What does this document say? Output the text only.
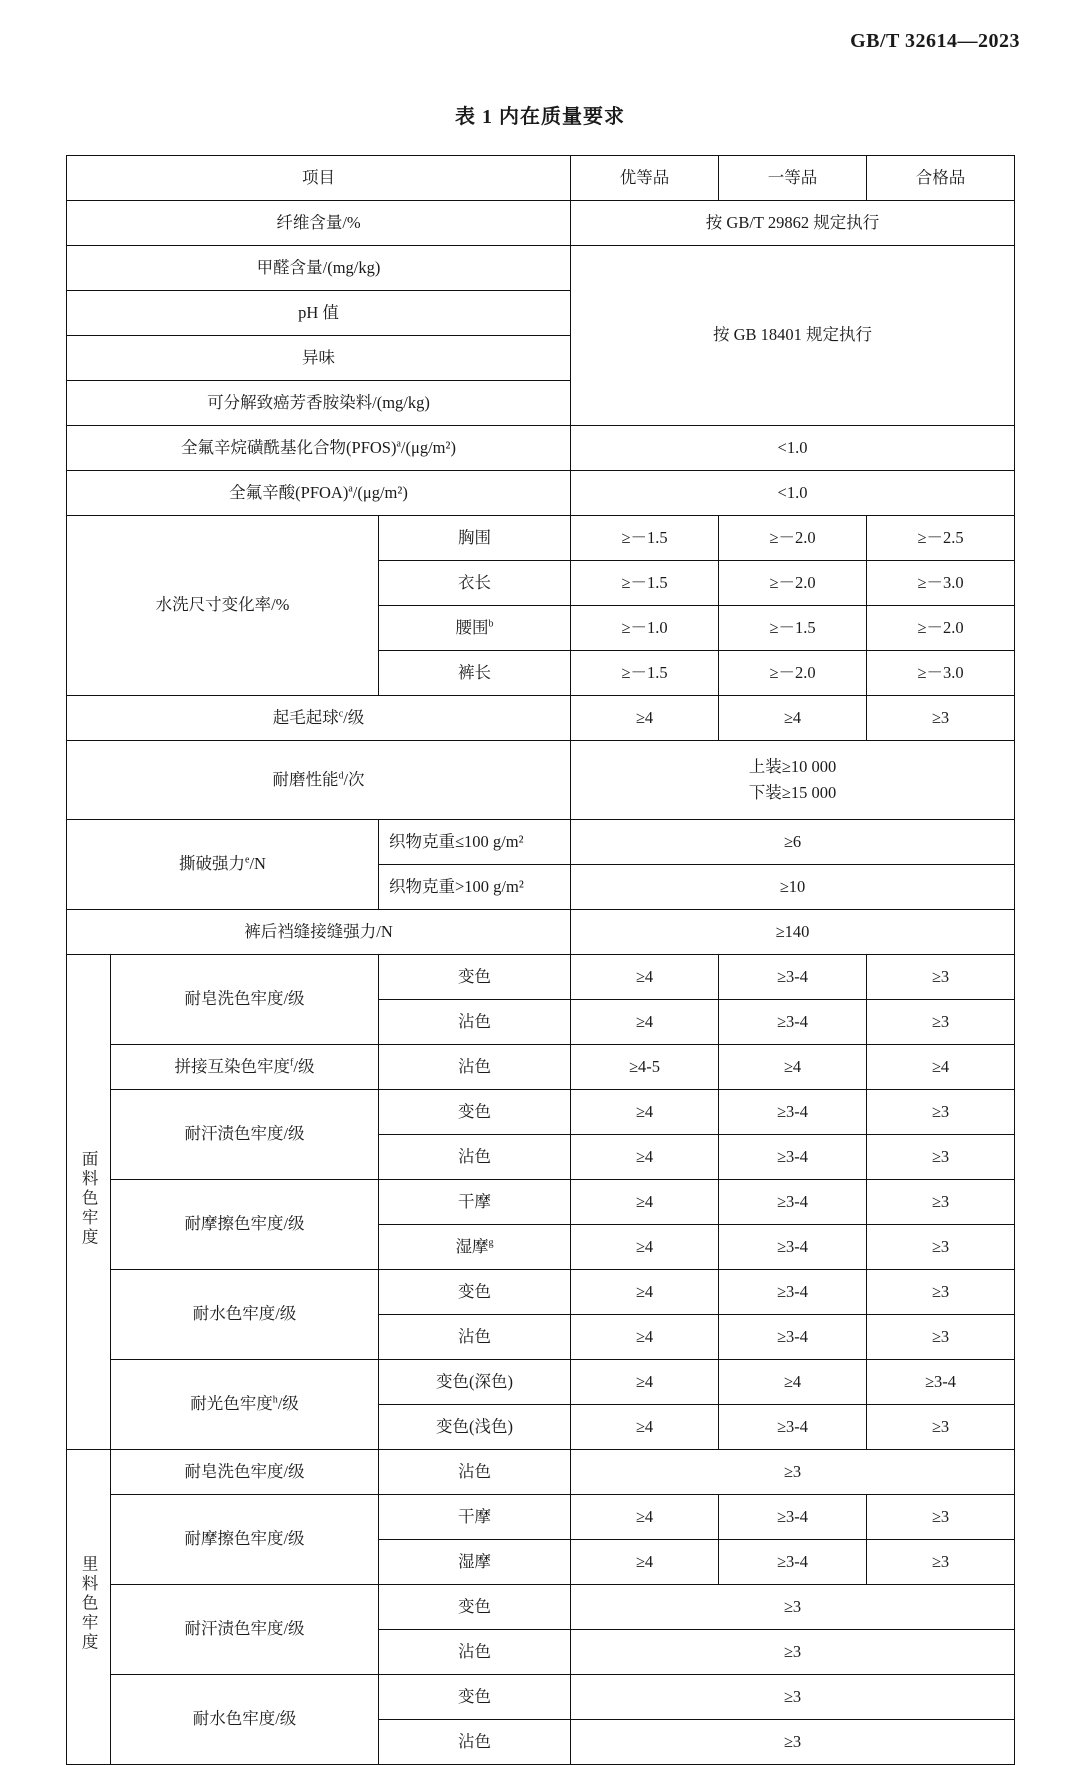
GB/T 32614—2023
表 1 内在质量要求
项目			优等品	一等品	合格品
纤维含量/%			按 GB/T 29862 规定执行		
甲醛含量/(mg/kg)			按 GB 18401 规定执行		
pH 值					
异味					
可分解致癌芳香胺染料/(mg/kg)					
全氟辛烷磺酰基化合物(PFOS)$^a$/(μg/m²)			<1.0		
全氟辛酸(PFOA)$^a$/(μg/m²)			<1.0		
水洗尺寸变化率/%		胸围	≥－1.5	≥－2.0	≥－2.5
		衣长	≥－1.5	≥－2.0	≥－3.0
		腰围$^b$	≥－1.0	≥－1.5	≥－2.0
		裤长	≥－1.5	≥－2.0	≥－3.0
起毛起球$^c$/级			≥4	≥4	≥3
耐磨性能$^d$/次			上装≥10 000
下装≥15 000		

撕破强力$^e$/N		织物克重≤100 g/m²	≥6		
		织物克重>100 g/m²	≥10		
裤后裆缝接缝强力/N			≥140		
面料色牢度	耐皂洗色牢度/级	变色	≥4	≥3-4	≥3
		沾色	≥4	≥3-4	≥3
	拼接互染色牢度$^f$/级	沾色	≥4-5	≥4	≥4
	耐汗渍色牢度/级	变色	≥4	≥3-4	≥3
		沾色	≥4	≥3-4	≥3
	耐摩擦色牢度/级	干摩	≥4	≥3-4	≥3
		湿摩$^g$	≥4	≥3-4	≥3
	耐水色牢度/级	变色	≥4	≥3-4	≥3
		沾色	≥4	≥3-4	≥3
	耐光色牢度$^h$/级	变色(深色)	≥4	≥4	≥3-4
		变色(浅色)	≥4	≥3-4	≥3
里料色牢度	耐皂洗色牢度/级	沾色	≥3		
	耐摩擦色牢度/级	干摩	≥4	≥3-4	≥3
		湿摩	≥4	≥3-4	≥3
	耐汗渍色牢度/级	变色	≥3		
		沾色	≥3		
	耐水色牢度/级	变色	≥3		
		沾色	≥3		
